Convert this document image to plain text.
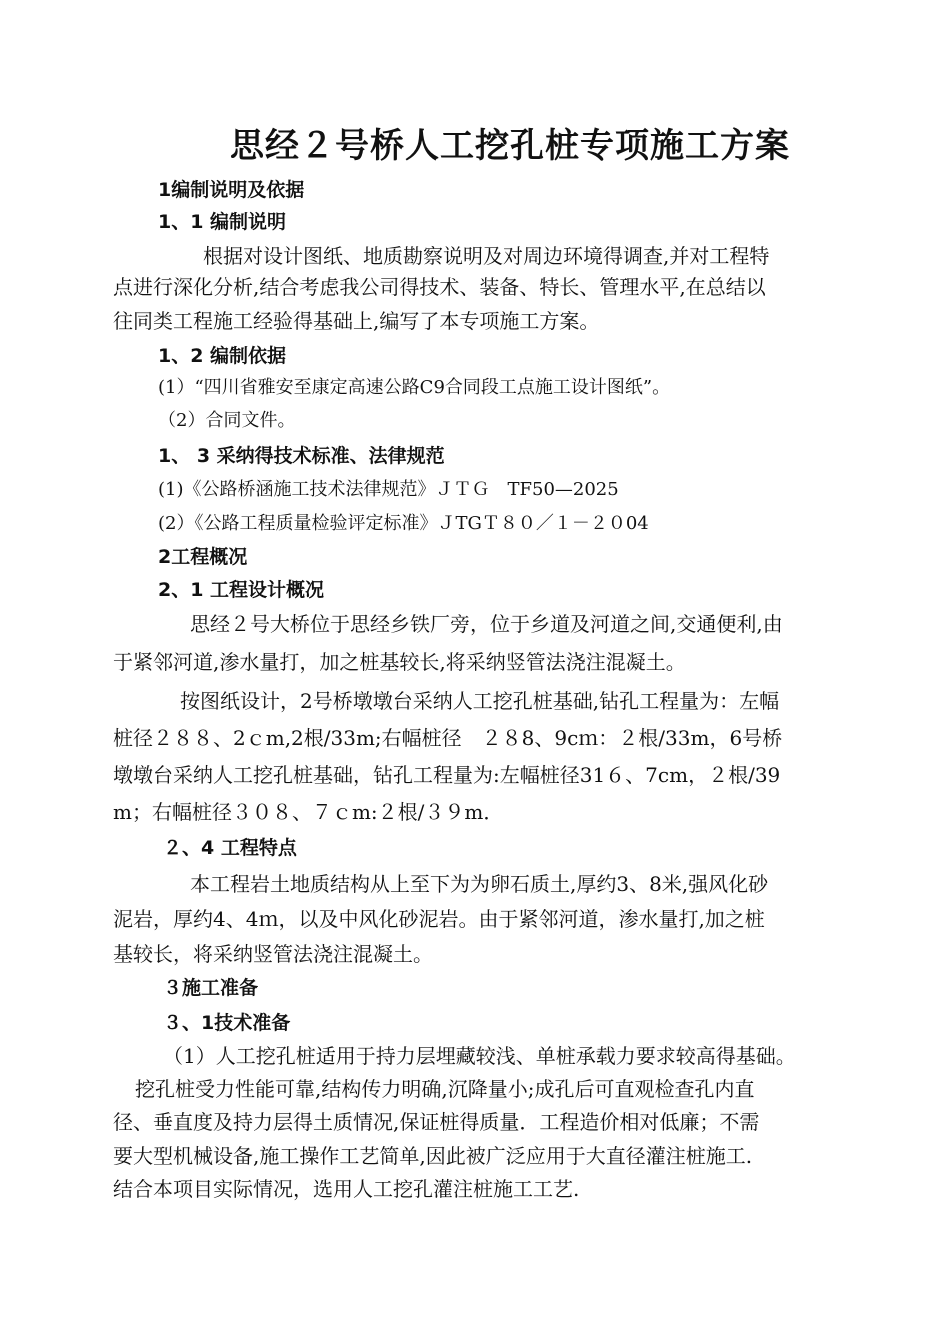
思经２号桥人工挖孔桩专项施工方案
1编制说明及依据
1、1 编制说明
根据对设计图纸、地质勘察说明及对周边环境得调查,并对工程特
点进行深化分析,结合考虑我公司得技术、装备、特长、管理水平,在总结以
往同类工程施工经验得基础上,编写了本专项施工方案。
1、2 编制依据
(1）“四川省雅安至康定高速公路C9合同段工点施工设计图纸”。
（2）合同文件。
1、 3 采纳得技术标准、法律规范
(1)《公路桥涵施工技术法律规范》ＪＴＧ　TF50—2025
(2）《公路工程质量检验评定标准》ＪTGＴ８０／１－２０04
2工程概况
2、1 工程设计概况
思经２号大桥位于思经乡铁厂旁，位于乡道及河道之间,交通便利,由
于紧邻河道,渗水量打，加之桩基较长,将采纳竖管法浇注混凝土。
按图纸设计，2号桥墩墩台采纳人工挖孔桩基础,钻孔工程量为：左幅
桩径２８８、2ｃm,2根/33m;右幅桩径　２８8、9cｍ：２根/33m，6号桥
墩墩台采纳人工挖孔桩基础，钻孔工程量为:左幅桩径31６、7cm，２根/39
m；右幅桩径３０８、７ｃm:２根/３９m．
２、4 工程特点
本工程岩土地质结构从上至下为为卵石质土,厚约3、8米,强风化砂
泥岩，厚约4、4ｍ，以及中风化砂泥岩。由于紧邻河道，渗水量打,加之桩
基较长，将采纳竖管法浇注混凝土。
３施工准备
３、1技术准备
（1）人工挖孔桩适用于持力层埋藏较浅、单桩承载力要求较高得基础。
挖孔桩受力性能可靠,结构传力明确,沉降量小;成孔后可直观检查孔内直
径、垂直度及持力层得土质情况,保证桩得质量．工程造价相对低廉；不需
要大型机械设备,施工操作工艺简单,因此被广泛应用于大直径灌注桩施工.
结合本项目实际情况，选用人工挖孔灌注桩施工工艺.
